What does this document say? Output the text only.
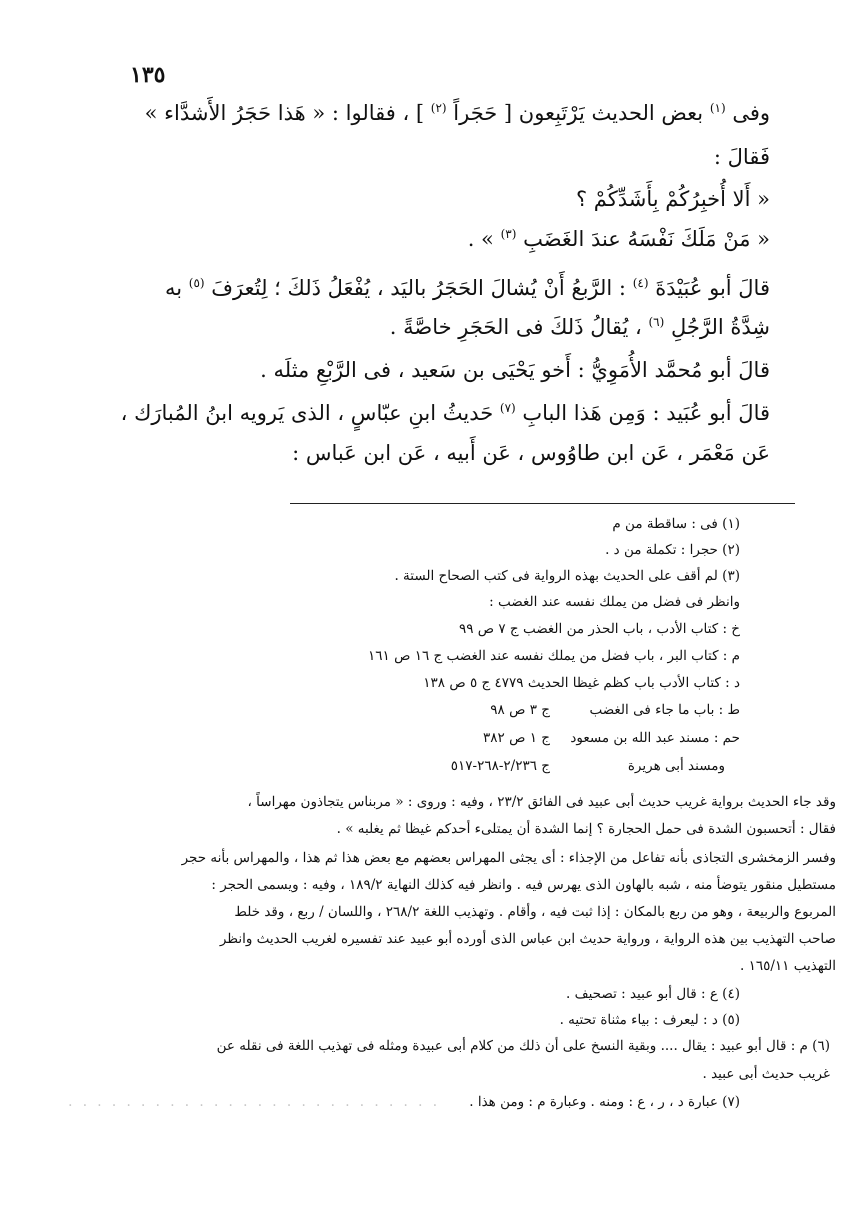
١٣٥

وفى $^{(١)}$ بعض الحديث يَرْتَبِعون [ حَجَراً $^{(٢)}$ ] ، فقالوا : « هَذا حَجَرُ الأَشدَّاء »

فَقالَ :

« أَلا أُخبِرُكُمْ بِأَشَدِّكُمْ ؟

« مَنْ مَلَكَ نَفْسَهُ عندَ الغَضَبِ $^{(٣)}$ » .

قالَ أبو عُبَيْدَةَ $^{(٤)}$ : الرَّبعُ أَنْ يُشالَ الحَجَرُ باليَد ، يُفْعَلُ ذَلكَ ؛ لِتُعرَفَ $^{(٥)}$ به

شِدَّةُ الرَّجُلِ $^{(٦)}$ ، يُقالُ ذَلكَ فى الحَجَرِ خاصَّةً .

قالَ أبو مُحمَّد الأُمَوِيُّ : أَخو يَحْيَى بن سَعيد ، فى الرَّبْعِ مثلَه .

قالَ أبو عُبَيد : وَمِن هَذا البابِ $^{(٧)}$ حَديثُ ابنِ عبّاسٍ ، الذى يَرويه ابنُ المُبارَك ،

عَن مَعْمَر ، عَن ابن طاوُوس ، عَن أَبيه ، عَن ابن عَباس :

(١) فى : ساقطة من م
(٢) حجرا : تكملة من د .
(٣) لم أقف على الحديث بهذه الرواية فى كتب الصحاح الستة .
وانظر فى فضل من يملك نفسه عند الغضب :
خ : كتاب الأدب ، باب الحذر من الغضب ج ٧ ص ٩٩
م : كتاب البر ، باب فضل من يملك نفسه عند الغضب ج ١٦ ص ١٦١
د : كتاب الأدب باب كظم غيظا الحديث ٤٧٧٩ ج ٥ ص ١٣٨
ط : باب ما جاء فى الغضب
ج ٣ ص ٩٨
حم : مسند عبد الله بن مسعود
ج ١ ص ٣٨٢
ومسند أبى هريرة
ج ٢/٢٣٦-٢٦٨-٥١٧
وقد جاء الحديث برواية غريب حديث أبى عبيد فى الفائق ٢٣/٢ ، وفيه : وروى : « مربناس يتجاذون مهراساً ،
فقال : أتحسبون الشدة فى حمل الحجارة ؟ إنما الشدة أن يمتلىء أحدكم غيظا ثم يغلبه » .
وفسر الزمخشرى التجاذى بأنه تفاعل من الإجذاء : أى يجثى المهراس بعضهم مع بعض هذا ثم هذا ، والمهراس بأنه حجر
مستطيل منقور يتوضأ منه ، شبه بالهاون الذى يهرس فيه . وانظر فيه كذلك النهاية ١٨٩/٢ ، وفيه : ويسمى الحجر :
المربوع والربيعة ، وهو من ربع بالمكان : إذا ثبت فيه ، وأقام . وتهذيب اللغة ٢٦٨/٢ ، واللسان / ربع ، وقد خلط
صاحب التهذيب بين هذه الرواية ، ورواية حديث ابن عباس الذى أورده أبو عبيد عند تفسيره لغريب الحديث وانظر
التهذيب ١٦٥/١١ .
(٤) ع : قال أبو عبيد : تصحيف .
(٥) د : ليعرف : بياء مثناة تحتيه .
(٦) م : قال أبو عبيد : يقال .... وبقية النسخ على أن ذلك من كلام أبى عبيدة ومثله فى تهذيب اللغة فى نقله عن
غريب حديث أبى عبيد .
(٧) عبارة د ، ر ، ع : ومنه . وعبارة م : ومن هذا .
. . . . . . . . . . . . . . . . . . . . . . . . . .
